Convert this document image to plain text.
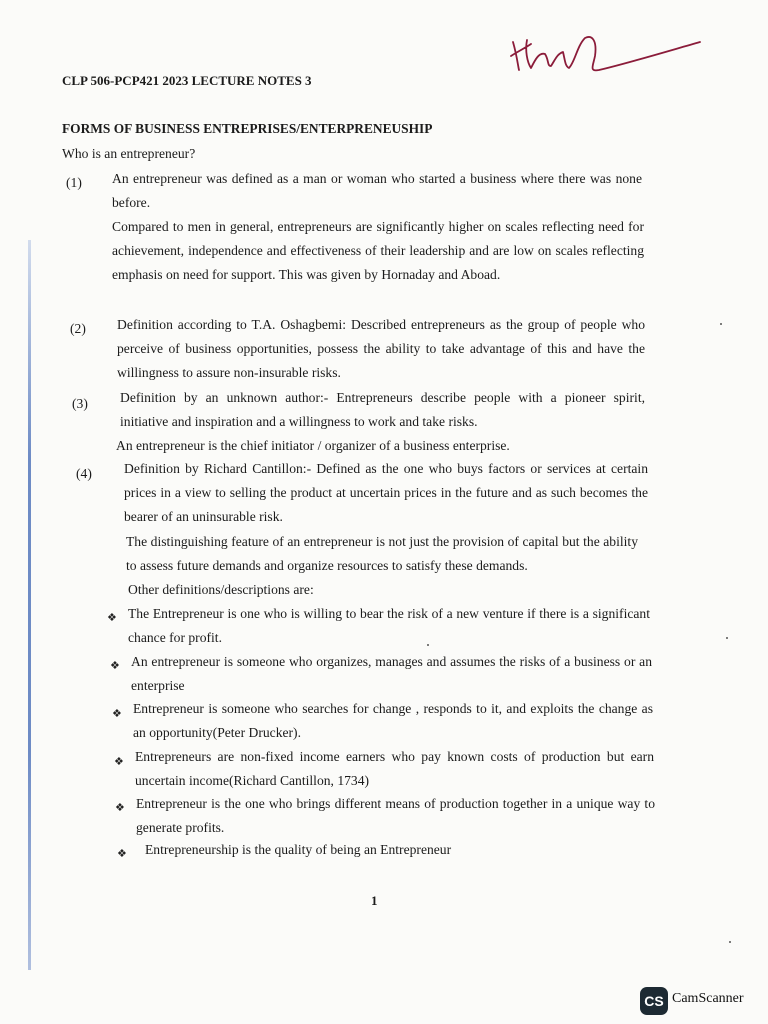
CLP 506-PCP421 2023 LECTURE NOTES 3
FORMS OF BUSINESS ENTREPRISES/ENTERPRENEUSHIP
Who is an entrepreneur?
(1) An entrepreneur was defined as a man or woman who started a business where there was none before.
Compared to men in general, entrepreneurs are significantly higher on scales reflecting need for achievement, independence and effectiveness of their leadership and are low on scales reflecting emphasis on need for support. This was given by Hornaday and Aboad.
(2) Definition according to T.A. Oshagbemi: Described entrepreneurs as the group of people who perceive of business opportunities, possess the ability to take advantage of this and have the willingness to assure non-insurable risks.
(3) Definition by an unknown author:- Entrepreneurs describe people with a pioneer spirit, initiative and inspiration and a willingness to work and take risks.
An entrepreneur is the chief initiator / organizer of a business enterprise.
(4) Definition by Richard Cantillon:- Defined as the one who buys factors or services at certain prices in a view to selling the product at uncertain prices in the future and as such becomes the bearer of an uninsurable risk.
The distinguishing feature of an entrepreneur is not just the provision of capital but the ability to assess future demands and organize resources to satisfy these demands.
Other definitions/descriptions are:
❖ The Entrepreneur is one who is willing to bear the risk of a new venture if there is a significant chance for profit.
❖ An entrepreneur is someone who organizes, manages and assumes the risks of a business or an enterprise
❖ Entrepreneur is someone who searches for change , responds to it, and exploits the change as an opportunity(Peter Drucker).
❖ Entrepreneurs are non-fixed income earners who pay known costs of production but earn uncertain income(Richard Cantillon, 1734)
❖ Entrepreneur is the one who brings different means of production together in a unique way to generate profits.
❖ Entrepreneurship is the quality of being an Entrepreneur
1
CS CamScanner
